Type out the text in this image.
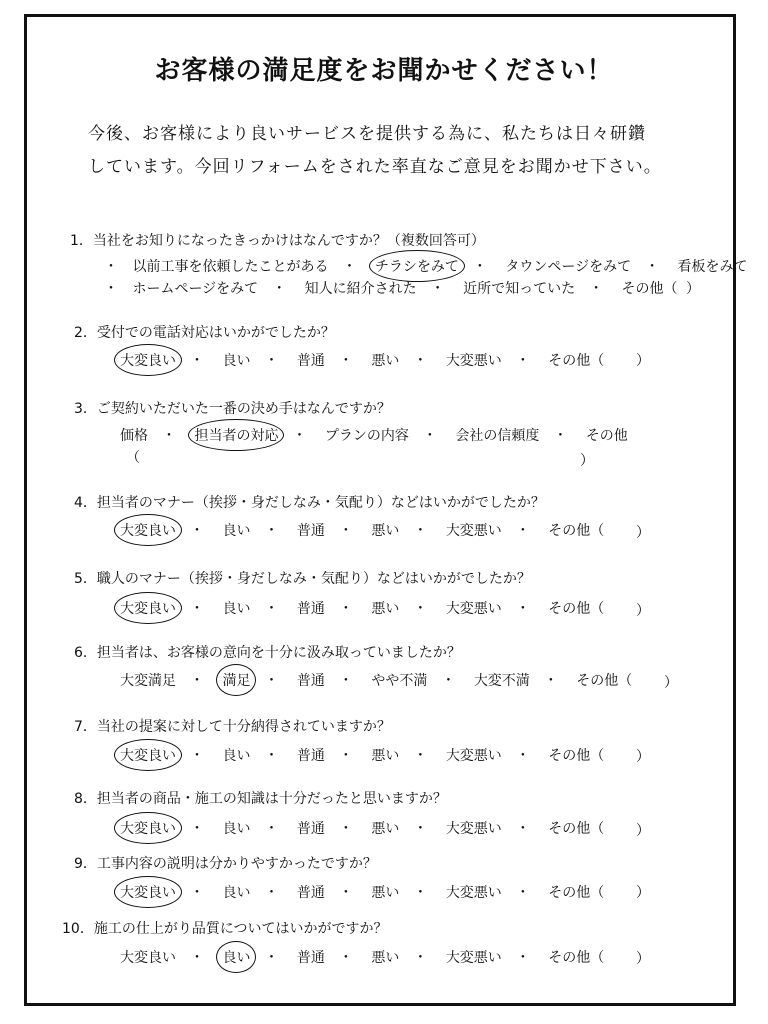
お客様の満足度をお聞かせください！
今後、お客様により良いサービスを提供する為に、私たちは日々研鑽
しています。今回リフォームをされた率直なご意見をお聞かせ下さい。
1．当社をお知りになったきっかけはなんですか？（複数回答可）
・ 以前工事を依頼したことがある ・ チラシをみて ・ タウンページをみて ・ 看板をみて
・ ホームページをみて ・ 知人に紹介された ・ 近所で知っていた ・ その他（ ）
2．受付での電話対応はいかがでしたか？
大変良い ・ 良い ・ 普通 ・ 悪い ・ 大変悪い ・ その他（ ）
3．ご契約いただいた一番の決め手はなんですか？
価格 ・ 担当者の対応 ・ プランの内容 ・ 会社の信頼度 ・ その他
（	）
4．担当者のマナー（挨拶・身だしなみ・気配り）などはいかがでしたか？
大変良い ・ 良い ・ 普通 ・ 悪い ・ 大変悪い ・ その他（ ）
5．職人のマナー（挨拶・身だしなみ・気配り）などはいかがでしたか？
大変良い ・ 良い ・ 普通 ・ 悪い ・ 大変悪い ・ その他（ ）
6．担当者は、お客様の意向を十分に汲み取っていましたか？
大変満足 ・ 満足 ・ 普通 ・ やや不満 ・ 大変不満 ・ その他（ ）
7．当社の提案に対して十分納得されていますか？
大変良い ・ 良い ・ 普通 ・ 悪い ・ 大変悪い ・ その他（ ）
8．担当者の商品・施工の知識は十分だったと思いますか？
大変良い ・ 良い ・ 普通 ・ 悪い ・ 大変悪い ・ その他（ ）
9．工事内容の説明は分かりやすかったですか？
大変良い ・ 良い ・ 普通 ・ 悪い ・ 大変悪い ・ その他（ ）
10．施工の仕上がり品質についてはいかがですか？
大変良い ・ 良い ・ 普通 ・ 悪い ・ 大変悪い ・ その他（ ）
